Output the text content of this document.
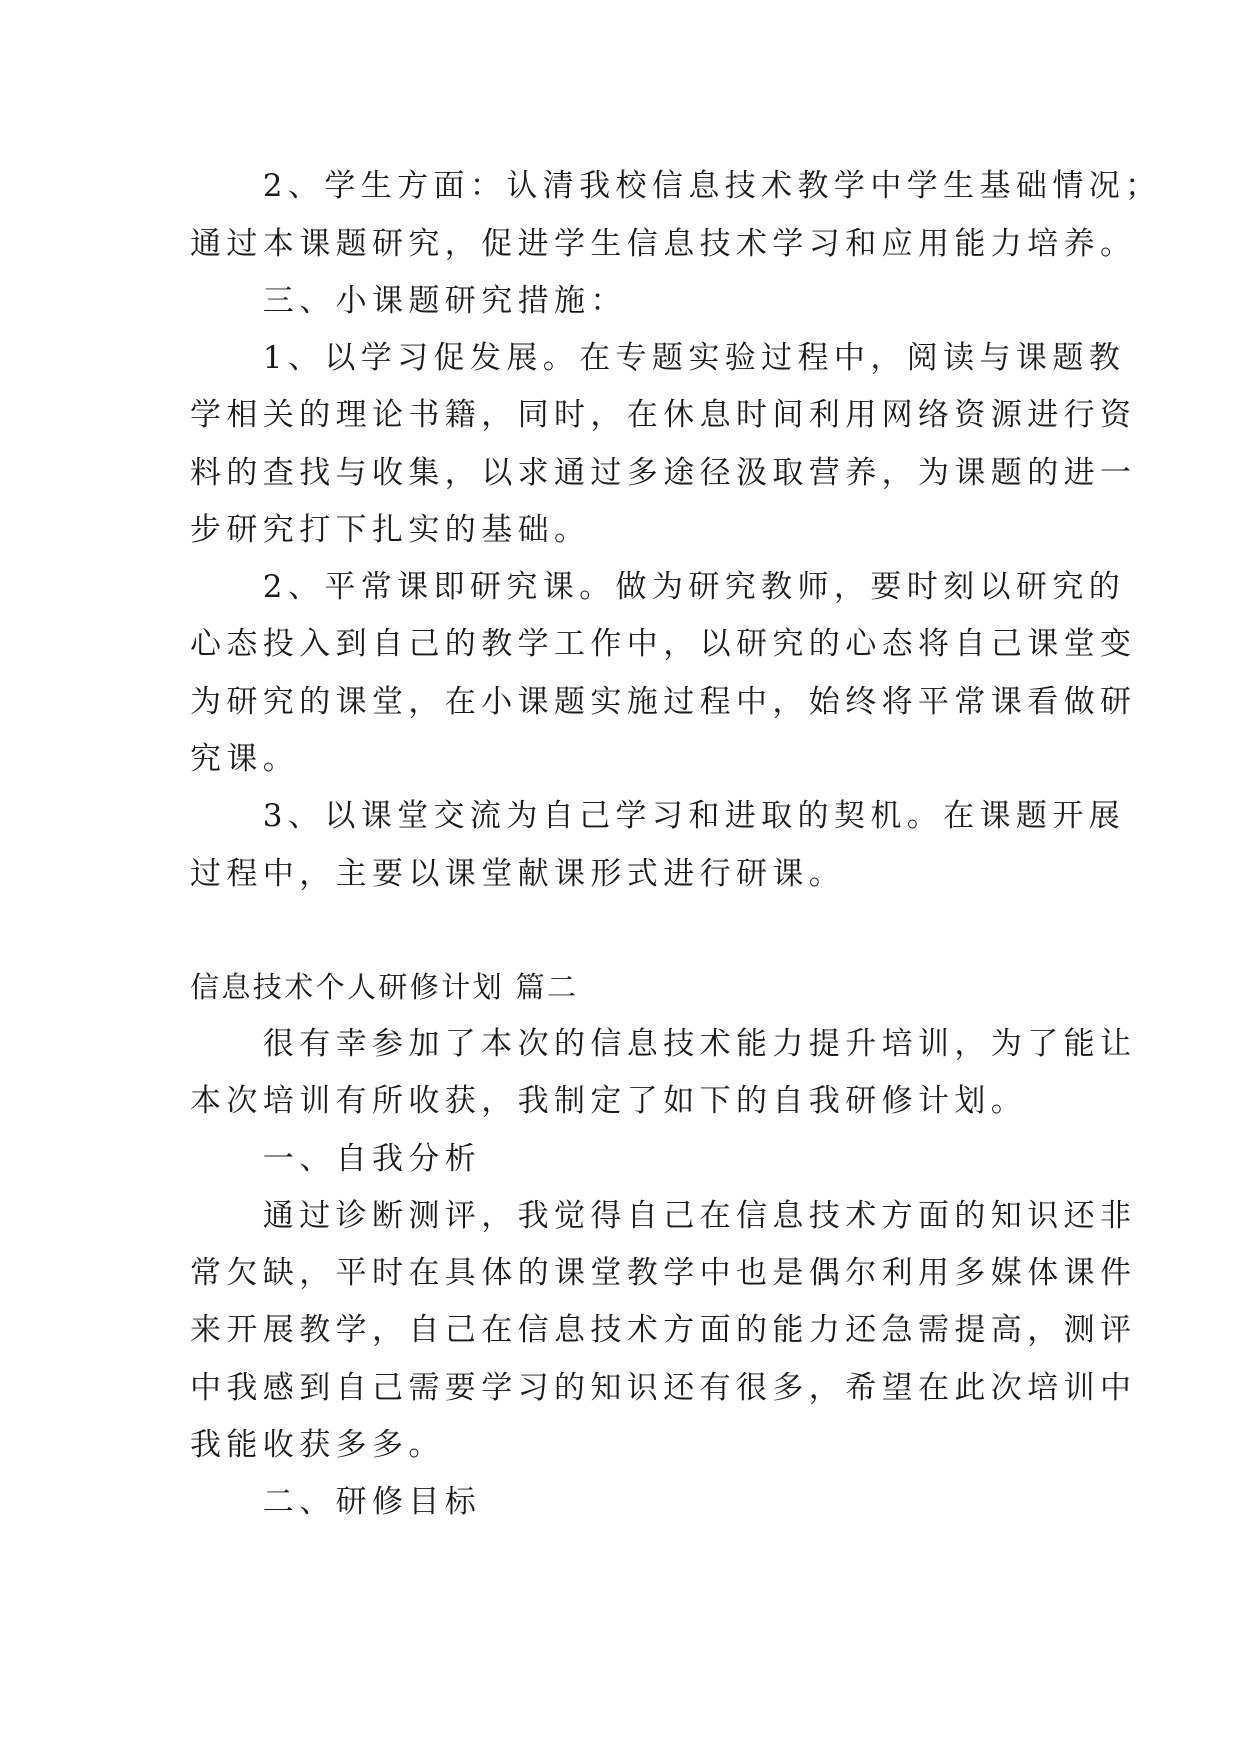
　　2、学生方面：认清我校信息技术教学中学生基础情况；
通过本课题研究，促进学生信息技术学习和应用能力培养。
　　三、小课题研究措施：
　　1、以学习促发展。在专题实验过程中，阅读与课题教
学相关的理论书籍，同时，在休息时间利用网络资源进行资
料的查找与收集，以求通过多途径汲取营养，为课题的进一
步研究打下扎实的基础。
　　2、平常课即研究课。做为研究教师，要时刻以研究的
心态投入到自己的教学工作中，以研究的心态将自己课堂变
为研究的课堂，在小课题实施过程中，始终将平常课看做研
究课。
　　3、以课堂交流为自己学习和进取的契机。在课题开展
过程中，主要以课堂献课形式进行研课。
信息技术个人研修计划 篇二
　　很有幸参加了本次的信息技术能力提升培训，为了能让
本次培训有所收获，我制定了如下的自我研修计划。
　　一、自我分析
　　通过诊断测评，我觉得自己在信息技术方面的知识还非
常欠缺，平时在具体的课堂教学中也是偶尔利用多媒体课件
来开展教学，自己在信息技术方面的能力还急需提高，测评
中我感到自己需要学习的知识还有很多，希望在此次培训中
我能收获多多。
　　二、研修目标
